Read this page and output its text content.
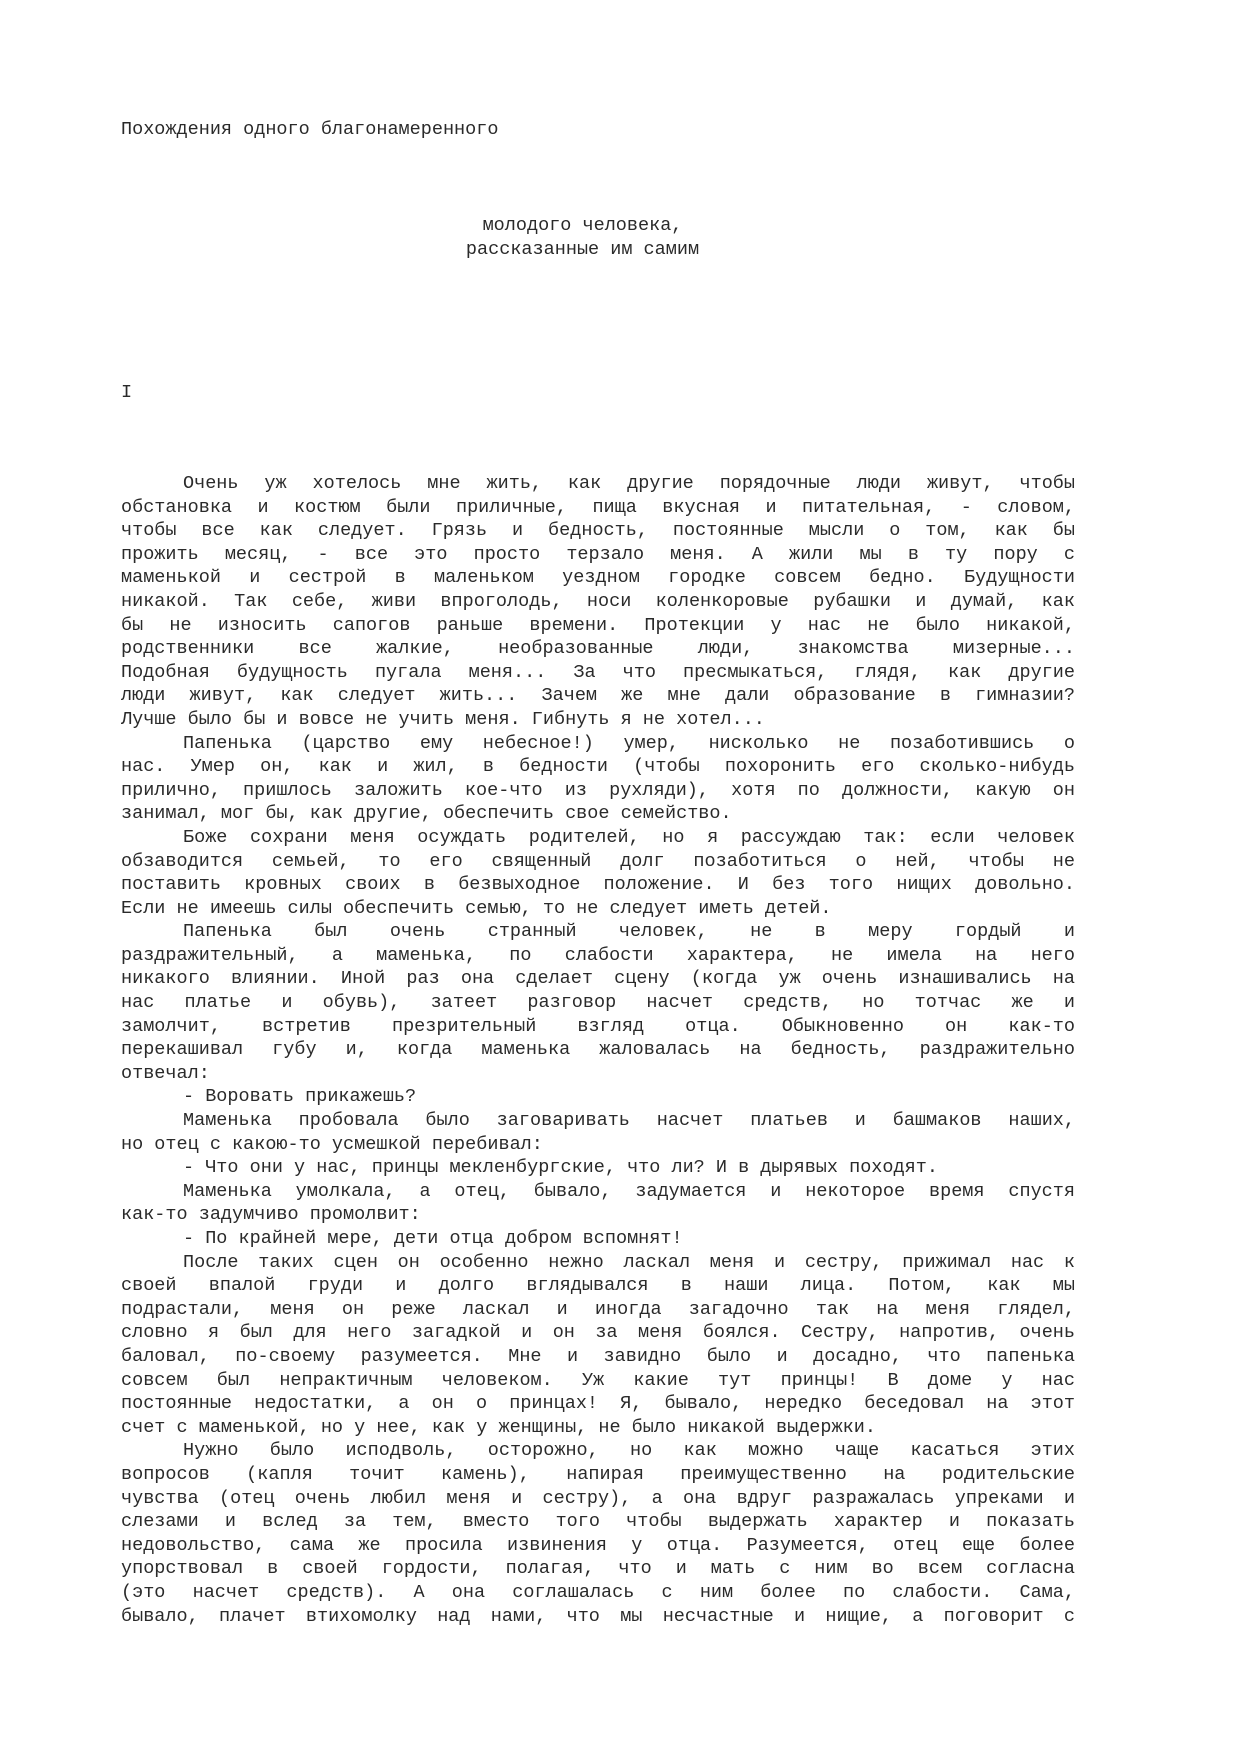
Похождения одного благонамеренного
молодого человека,
рассказанные им самим
I
Очень уж хотелось мне жить, как другие порядочные люди живут, чтобы
обстановка и костюм были приличные, пища вкусная и питательная, - словом,
чтобы все как следует. Грязь и бедность, постоянные мысли о том, как бы
прожить месяц, - все это просто терзало меня. А жили мы в ту пору с
маменькой и сестрой в маленьком уездном городке совсем бедно. Будущности
никакой. Так себе, живи впроголодь, носи коленкоровые рубашки и думай, как
бы не износить сапогов раньше времени. Протекции у нас не было никакой,
родственники все жалкие, необразованные люди, знакомства мизерные...
Подобная будущность пугала меня... За что пресмыкаться, глядя, как другие
люди живут, как следует жить... Зачем же мне дали образование в гимназии?
Лучше было бы и вовсе не учить меня. Гибнуть я не хотел...
Папенька (царство ему небесное!) умер, нисколько не позаботившись о
нас. Умер он, как и жил, в бедности (чтобы похоронить его сколько-нибудь
прилично, пришлось заложить кое-что из рухляди), хотя по должности, какую он
занимал, мог бы, как другие, обеспечить свое семейство.
Боже сохрани меня осуждать родителей, но я рассуждаю так: если человек
обзаводится семьей, то его священный долг позаботиться о ней, чтобы не
поставить кровных своих в безвыходное положение. И без того нищих довольно.
Если не имеешь силы обеспечить семью, то не следует иметь детей.
Папенька был очень странный человек, не в меру гордый и
раздражительный, а маменька, по слабости характера, не имела на него
никакого влиянии. Иной раз она сделает сцену (когда уж очень изнашивались на
нас платье и обувь), затеет разговор насчет средств, но тотчас же и
замолчит, встретив презрительный взгляд отца. Обыкновенно он как-то
перекашивал губу и, когда маменька жаловалась на бедность, раздражительно
отвечал:
- Воровать прикажешь?
Маменька пробовала было заговаривать насчет платьев и башмаков наших,
но отец с какою-то усмешкой перебивал:
- Что они у нас, принцы мекленбургские, что ли? И в дырявых походят.
Маменька умолкала, а отец, бывало, задумается и некоторое время спустя
как-то задумчиво промолвит:
- По крайней мере, дети отца добром вспомнят!
После таких сцен он особенно нежно ласкал меня и сестру, прижимал нас к
своей впалой груди и долго вглядывался в наши лица. Потом, как мы
подрастали, меня он реже ласкал и иногда загадочно так на меня глядел,
словно я был для него загадкой и он за меня боялся. Сестру, напротив, очень
баловал, по-своему разумеется. Мне и завидно было и досадно, что папенька
совсем был непрактичным человеком. Уж какие тут принцы! В доме у нас
постоянные недостатки, а он о принцах! Я, бывало, нередко беседовал на этот
счет с маменькой, но у нее, как у женщины, не было никакой выдержки.
Нужно было исподволь, осторожно, но как можно чаще касаться этих
вопросов (капля точит камень), напирая преимущественно на родительские
чувства (отец очень любил меня и сестру), а она вдруг разражалась упреками и
слезами и вслед за тем, вместо того чтобы выдержать характер и показать
недовольство, сама же просила извинения у отца. Разумеется, отец еще более
упорствовал в своей гордости, полагая, что и мать с ним во всем согласна
(это насчет средств). А она соглашалась с ним более по слабости. Сама,
бывало, плачет втихомолку над нами, что мы несчастные и нищие, а поговорит с
